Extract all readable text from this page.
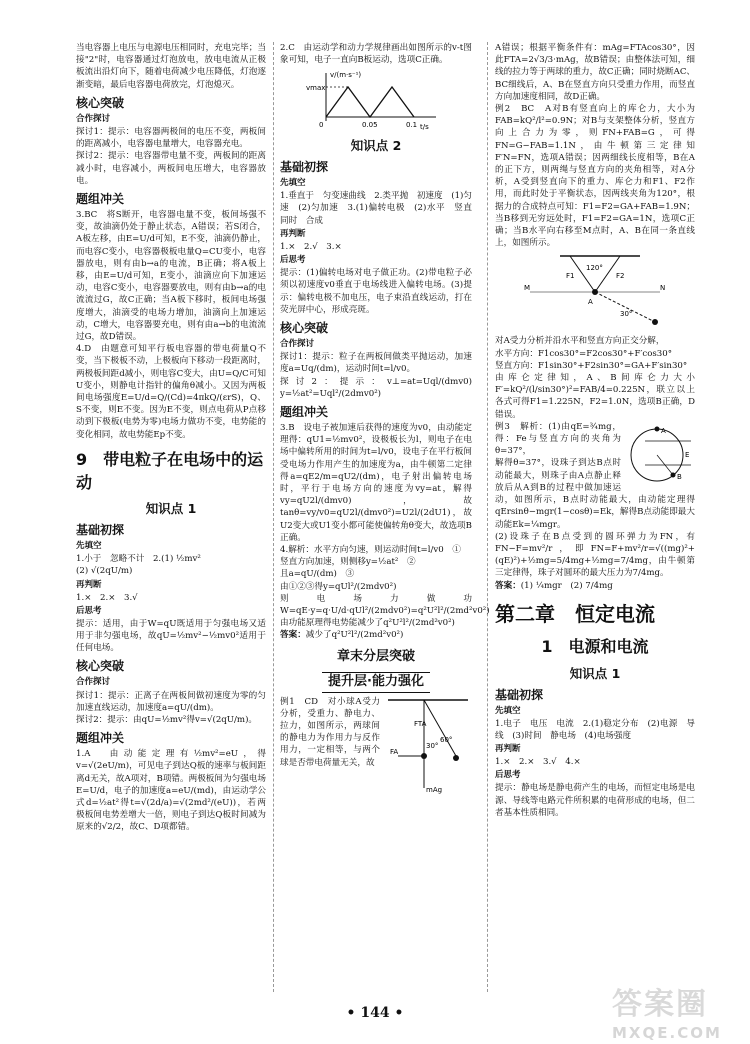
当电容器上电压与电源电压相同时，充电完毕；当接"2"时，电容器通过灯泡放电，放电电流从正极板流出沿灯向下，随着电荷减少电压降低，灯泡逐渐变暗，最后电容器电荷放完，灯泡熄灭。

核心突破
合作探讨

探讨1：提示：电容器两极间的电压不变，两板间的距离减小，电容器电量增大，电容器充电。

探讨2：提示：电容器带电量不变，两板间的距离减小时，电容减小，两板间电压增大，电容器放电。

题组冲关

3.BC　将S断开，电容器电量不变，板间场强不变，故油滴仍处于静止状态，A错误；若S闭合，A板左移，由E=U/d可知，E不变，油滴仍静止，而电容C变小，电容器极板电量Q=CU变小，电容器放电，则有由b→a的电流，B正确；将A板上移，由E=U/d可知，E变小，油滴应向下加速运动，电容C变小，电容器要放电，则有由b→a的电流流过G，故C正确；当A板下移时，板间电场强度增大，油滴受的电场力增加，油滴向上加速运动，C增大，电容器要充电，则有由a→b的电流流过G，故D错误。

4.D　由题意可知平行板电容器的带电荷量Q不变，当下极板不动，上极板向下移动一段距离时，两极板间距d减小，则电容C变大，由U=Q/C可知U变小，则静电计指针的偏角θ减小。又因为两板间电场强度E=U/d=Q/(Cd)=4πkQ/(εrS)，Q、S不变，则E不变。因为E不变，则点电荷从P点移动到下极板(电势为零)电场力做功不变，电势能的变化相同，故电势能Ep不变。

9　带电粒子在电场中的运动
知识点 1
基础初探
先填空

1.小于　忽略不计　2.(1) ½mv²

(2) √(2qU/m)

再判断

1.×　2.×　3.√

后思考

提示：适用，由于W=qU既适用于匀强电场又适用于非匀强电场，故qU=½mv²−½mv0²适用于任何电场。

核心突破
合作探讨

探讨1：提示：正离子在两板间做初速度为零的匀加速直线运动，加速度a=qU/(dm)。

探讨2：提示：由qU=½mv²得v=√(2qU/m)。

题组冲关

1.A　由动能定理有½mv²=eU，得v=√(2eU/m)，可见电子到达Q板的速率与板间距离d无关，故A项对，B项错。两极板间为匀强电场E=U/d，电子的加速度a=eU/(md)，由运动学公式d=½at²得t=√(2d/a)=√(2md²/(eU))，若两极板间电势差增大一倍，则电子到达Q板时间减为原来的√2/2，故C、D项都错。

2.C　由运动学和动力学规律画出如图所示的v-t图象可知，电子一直向B板运动，选项C正确。

v/(m·s⁻¹)
vmax
t/s
0	0.05	0.1
知识点 2
基础初探
先填空

1.垂直于　匀变速曲线　2.类平抛　初速度　(1)匀速　(2)匀加速　3.(1)偏转电极　(2)水平　竖直　同时　合成

再判断

1.×　2.√　3.×

后思考

提示：(1)偏转电场对电子做正功。(2)带电粒子必须以初速度v0垂直于电场线进入偏转电场。(3)提示：偏转电极不加电压，电子束沿直线运动，打在荧光屏中心，形成亮斑。

核心突破
合作探讨

探讨1：提示：粒子在两板间做类平抛运动，加速度a=Uq/(dm)，运动时间t=l/v0。

探讨2：提示：v⊥=at=Uql/(dmv0)　y=½at²=Uql²/(2dmv0²)

题组冲关

3.B　设电子被加速后获得的速度为v0，由动能定理得：qU1=½mv0²，设极板长为l，则电子在电场中偏转所用的时间为t=l/v0，设电子在平行板间受电场力作用产生的加速度为a，由牛顿第二定律得a=qE2/m=qU2/(dm)，电子射出偏转电场时，平行于电场方向的速度为vy=at，解得vy=qU2l/(dmv0)，故tanθ=vy/v0=qU2l/(dmv0²)=U2l/(2dU1)，故U2变大或U1变小都可能使偏转角θ变大，故选项B正确。

4.解析：水平方向匀速，则运动时间t=l/v0　①

竖直方向加速，则侧移y=½at²　②

且a=qU/(dm)　③

由①②③得y=qUl²/(2mdv0²)

则电场力做功W=qE·y=q·U/d·qUl²/(2mdv0²)=q²U²l²/(2md²v0²)

由功能原理得电势能减少了q²U²l²/(2md²v0²)

答案：减少了q²U²l²/(2md²v0²)

章末分层突破
提升层·能力强化
FA
mAg
FTA
30°
60°

例1　CD　对小球A受力分析，受重力、静电力、拉力，如图所示，两球间的静电力为作用力与反作用力，一定相等，与两个球是否带电荷量无关，故

A错误；根据平衡条件有：mAg=FTAcos30°，因此FTA=2√3/3·mAg，故B错误；由整体法可知，细线的拉力等于两球的重力，故C正确；同时烧断AC、BC细线后，A、B在竖直方向只受重力作用，而竖直方向加速度相同，故D正确。

例2　BC　A对B有竖直向上的库仑力，大小为FAB=kQ²/l²=0.9N；对B与支架整体分析，竖直方向上合力为零，则FN+FAB=G，可得FN=G−FAB=1.1N，由牛顿第三定律知F′N=FN，选项A错误；因两细线长度相等，B在A的正下方，则两绳与竖直方向的夹角相等，对A分析，A受到竖直向下的重力、库仑力和F1、F2作用，而此时处于平衡状态，因两线夹角为120°，根据力的合成特点可知：F1=F2=GA+FAB=1.9N；当B移到无穷远处时，F1=F2=GA=1N，选项C正确；当B水平向右移至M点时，A、B在同一条直线上，如图所示。

F1
120°
F2
M	N
A
30°

对A受力分析并沿水平和竖直方向正交分解，

水平方向：F1cos30°=F2cos30°+F′cos30°

竖直方向：F1sin30°+F2sin30°=GA+F′sin30°

由库仑定律知，A、B间库仑力大小F′=kQ²/(l/sin30°)²=FAB/4=0.225N，联立以上各式可得F1=1.225N，F2=1.0N，选项B正确，D错误。

A
B
E

例3　解析：(1)由qE=¾mg，得：Fe与竖直方向的夹角为θ=37°，

解得θ=37°，设珠子到达B点时动能最大，则珠子由A点静止释放后从A到B的过程中做加速运动，如图所示，B点时动能最大，由动能定理得qErsinθ−mgr(1−cosθ)=Ek，解得B点动能即最大动能Ek=¼mgr。

(2)设珠子在B点受到的圆环弹力为FN，有FN−F=mv²/r，即FN=F+mv²/r=√((mg)²+(qE)²)+½mg=5/4mg+½mg=7/4mg，由牛顿第三定律得，珠子对圆环的最大压力为7/4mg。

答案：(1) ¼mgr　(2) 7/4mg

第二章　恒定电流
1　电源和电流
知识点 1
基础初探
先填空

1.电子　电压　电流　2.(1)稳定分布　(2)电源　导线　(3)时间　静电场　(4)电场强度

再判断

1.×　2.×　3.√　4.×

后思考

提示：静电场是静电荷产生的电场，而恒定电场是电源、导线等电路元件所积累的电荷形成的电场，但二者基本性质相同。

• 144 •	答案圈
MXQE.COM
